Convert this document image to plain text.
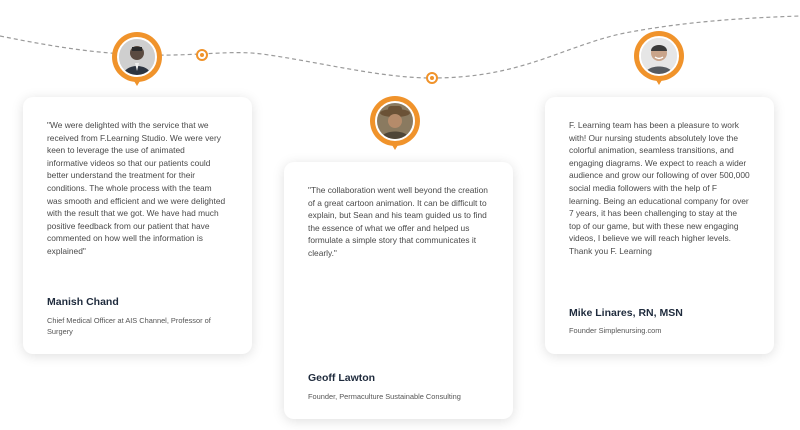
"We were delighted with the service that we received from F.Learning Studio. We were very keen to leverage the use of animated informative videos so that our patients could better understand the treatment for their conditions. The whole process with the team was smooth and efficient and we were delighted with the result that we got. We have had much positive feedback from our patient that have commented on how well the information is explained"

Manish Chand
Chief Medical Officer at AIS Channel, Professor of Surgery

"The collaboration went well beyond the creation of a great cartoon animation. It can be difficult to explain, but Sean and his team guided us to find the essence of what we offer and helped us formulate a simple story that communicates it clearly."

Geoff Lawton
Founder, Permaculture Sustainable Consulting

F. Learning team has been a pleasure to work with! Our nursing students absolutely love the colorful animation, seamless transitions, and engaging diagrams. We expect to reach a wider audience and grow our following of over 500,000 social media followers with the help of F learning. Being an educational company for over 7 years, it has been challenging to stay at the top of our game, but with these new engaging videos, I believe we will reach higher levels. Thank you F. Learning

Mike Linares, RN, MSN
Founder Simplenursing.com
